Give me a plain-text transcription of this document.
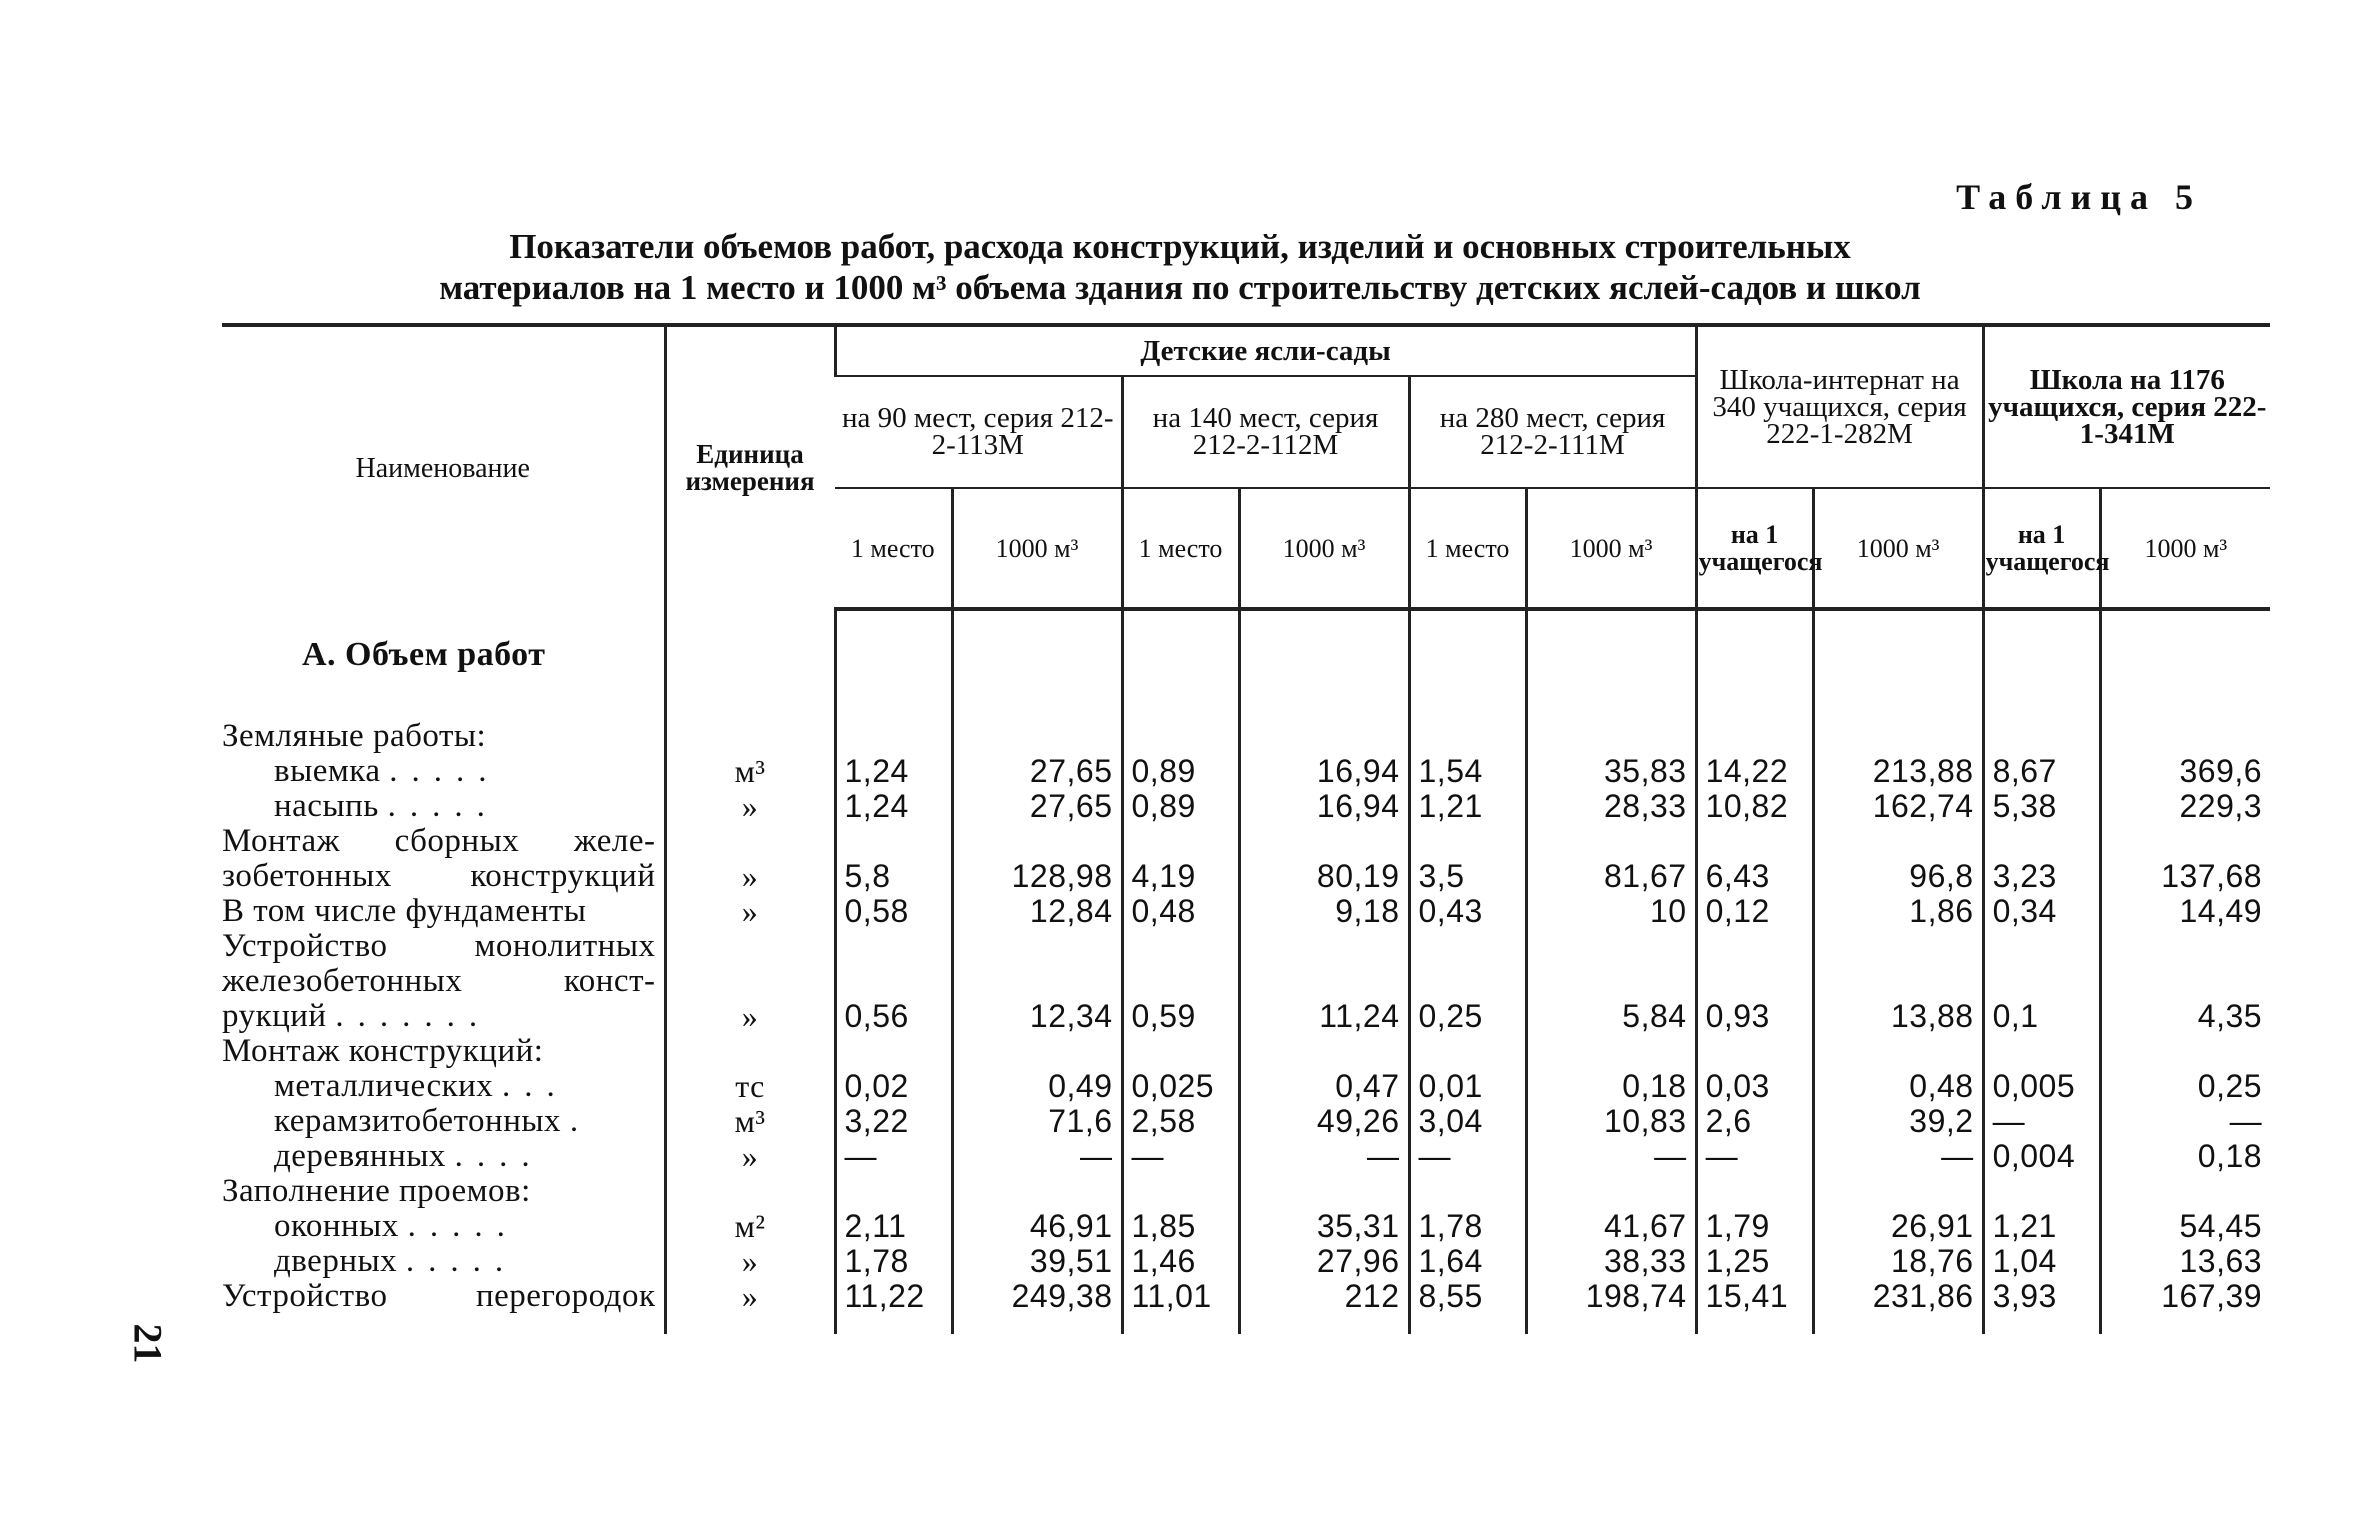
Таблица 5
Показатели объемов работ, расхода конструкций, изделий и основных строительных
материалов на 1 место и 1000 м³ объема здания по строительству детских яслей-садов и школ
21
Наименование	Единица измерения	Детские ясли-сады						Школа-интернат на 340 учащихся, серия 222-1-282М		Школа на 1176 учащихся, серия 222-1-341М	
		на 90 мест, серия 212-2-113М		на 140 мест, серия 212-2-112М		на 280 мест, серия 212-2-111М					
		1 место	1000 м³	1 место	1000 м³	1 место	1000 м³	на 1 учащегося	1000 м³	на 1 учащегося	1000 м³
А. Объем работ											

Земляные работы:											
выемка .....	м³	1,24	27,65	0,89	16,94	1,54	35,83	14,22	213,88	8,67	369,6
насыпь .....	»	1,24	27,65	0,89	16,94	1,21	28,33	10,82	162,74	5,38	229,3
Монтаж сборных желе-											
зобетонных конструкций	»	5,8	128,98	4,19	80,19	3,5	81,67	6,43	96,8	3,23	137,68
В том числе фундаменты	»	0,58	12,84	0,48	9,18	0,43	10	0,12	1,86	0,34	14,49
Устройство монолитных											
железобетонных конст-											
рукций .......	»	0,56	12,34	0,59	11,24	0,25	5,84	0,93	13,88	0,1	4,35
Монтаж конструкций:											
металлических ...	тс	0,02	0,49	0,025	0,47	0,01	0,18	0,03	0,48	0,005	0,25
керамзитобетонных .	м³	3,22	71,6	2,58	49,26	3,04	10,83	2,6	39,2	—	—
деревянных ....	»	—	—	—	—	—	—	—	—	0,004	0,18
Заполнение проемов:											
оконных .....	м²	2,11	46,91	1,85	35,31	1,78	41,67	1,79	26,91	1,21	54,45
дверных .....	»	1,78	39,51	1,46	27,96	1,64	38,33	1,25	18,76	1,04	13,63
Устройство перегородок	»	11,22	249,38	11,01	212	8,55	198,74	15,41	231,86	3,93	167,39
